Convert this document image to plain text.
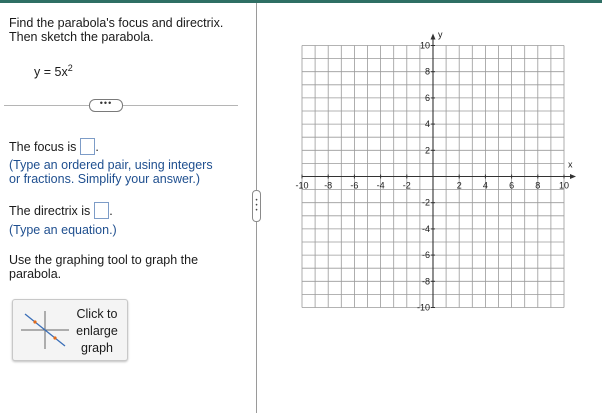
Find the parabola's focus and directrix.
Then sketch the parabola.
$y = 5x^2$
•••
The focus is .
(Type an ordered pair, using integers
or fractions. Simplify your answer.)
The directrix is .
(Type an equation.)
Use the graphing tool to graph the
parabola.
Click to
enlarge
graph
•
•
•
-10 -8 -6 -4 -2	2 4 6 8 10
10
8
6
4
2
-2
-4
-6
-8
-10
x
y
